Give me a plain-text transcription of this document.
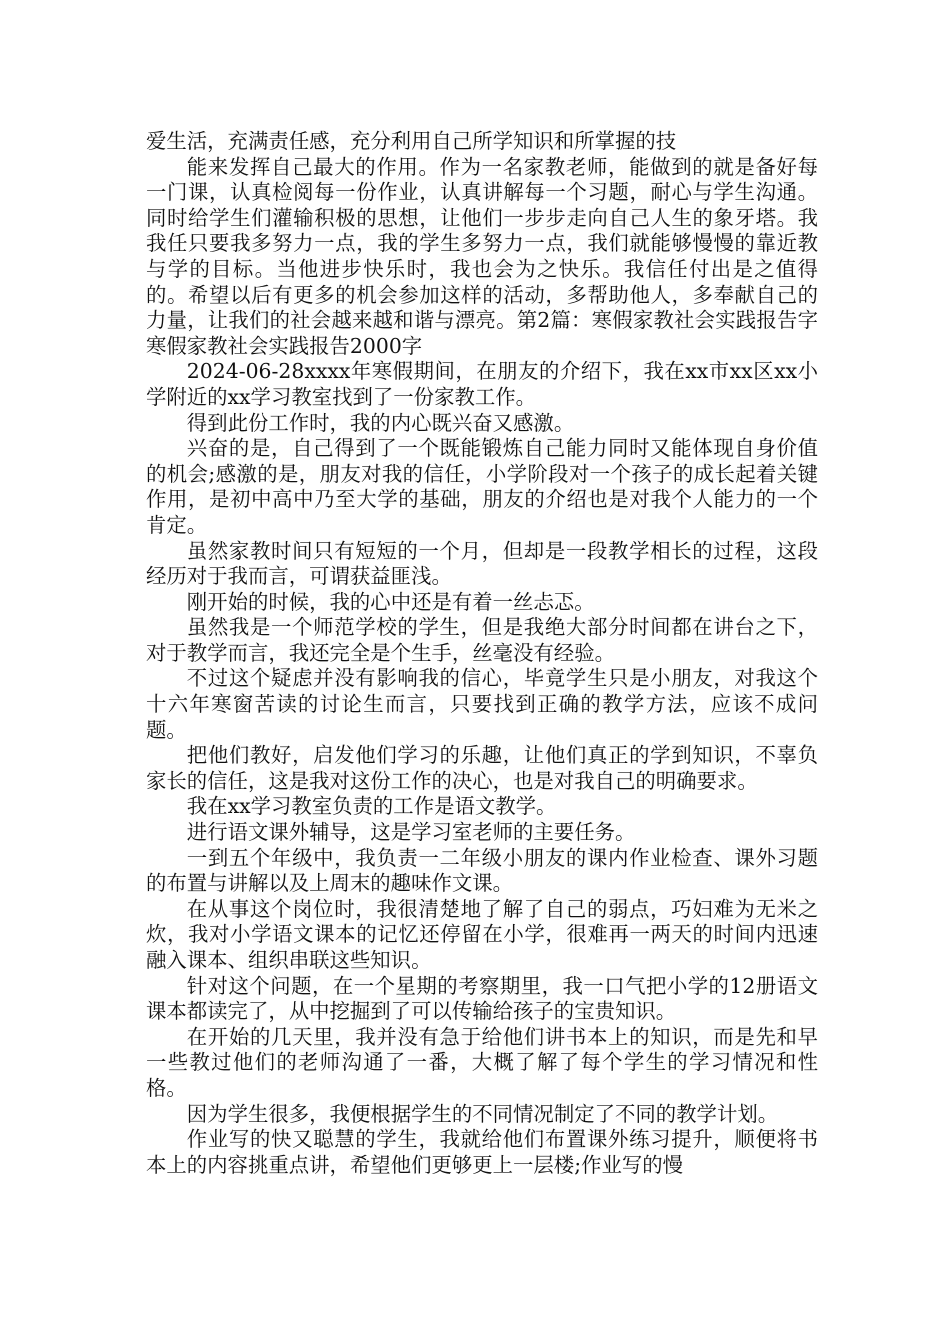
爱生活，充满责任感，充分利用自己所学知识和所掌握的技

能来发挥自己最大的作用。作为一名家教老师，能做到的就是备好每一门课，认真检阅每一份作业，认真讲解每一个习题，耐心与学生沟通。同时给学生们灌输积极的思想，让他们一步步走向自己人生的象牙塔。我我任只要我多努力一点，我的学生多努力一点，我们就能够慢慢的靠近教与学的目标。当他进步快乐时，我也会为之快乐。我信任付出是之值得的。希望以后有更多的机会参加这样的活动，多帮助他人，多奉献自己的力量，让我们的社会越来越和谐与漂亮。第2篇：寒假家教社会实践报告字寒假家教社会实践报告2000字

2024-06-28xxxx年寒假期间，在朋友的介绍下，我在xx市xx区xx小学附近的xx学习教室找到了一份家教工作。

得到此份工作时，我的内心既兴奋又感激。

兴奋的是，自己得到了一个既能锻炼自己能力同时又能体现自身价值的机会;感激的是，朋友对我的信任，小学阶段对一个孩子的成长起着关键作用，是初中高中乃至大学的基础，朋友的介绍也是对我个人能力的一个肯定。

虽然家教时间只有短短的一个月，但却是一段教学相长的过程，这段经历对于我而言，可谓获益匪浅。

刚开始的时候，我的心中还是有着一丝忐忑。

虽然我是一个师范学校的学生，但是我绝大部分时间都在讲台之下，对于教学而言，我还完全是个生手，丝毫没有经验。

不过这个疑虑并没有影响我的信心，毕竟学生只是小朋友，对我这个十六年寒窗苦读的讨论生而言，只要找到正确的教学方法，应该不成问题。

把他们教好，启发他们学习的乐趣，让他们真正的学到知识，不辜负家长的信任，这是我对这份工作的决心，也是对我自己的明确要求。

我在xx学习教室负责的工作是语文教学。

进行语文课外辅导，这是学习室老师的主要任务。

一到五个年级中，我负责一二年级小朋友的课内作业检查、课外习题的布置与讲解以及上周末的趣味作文课。

在从事这个岗位时，我很清楚地了解了自己的弱点，巧妇难为无米之炊，我对小学语文课本的记忆还停留在小学，很难再一两天的时间内迅速融入课本、组织串联这些知识。

针对这个问题，在一个星期的考察期里，我一口气把小学的12册语文课本都读完了，从中挖掘到了可以传输给孩子的宝贵知识。

在开始的几天里，我并没有急于给他们讲书本上的知识，而是先和早一些教过他们的老师沟通了一番，大概了解了每个学生的学习情况和性格。

因为学生很多，我便根据学生的不同情况制定了不同的教学计划。

作业写的快又聪慧的学生，我就给他们布置课外练习提升，顺便将书本上的内容挑重点讲，希望他们更够更上一层楼;作业写的慢
